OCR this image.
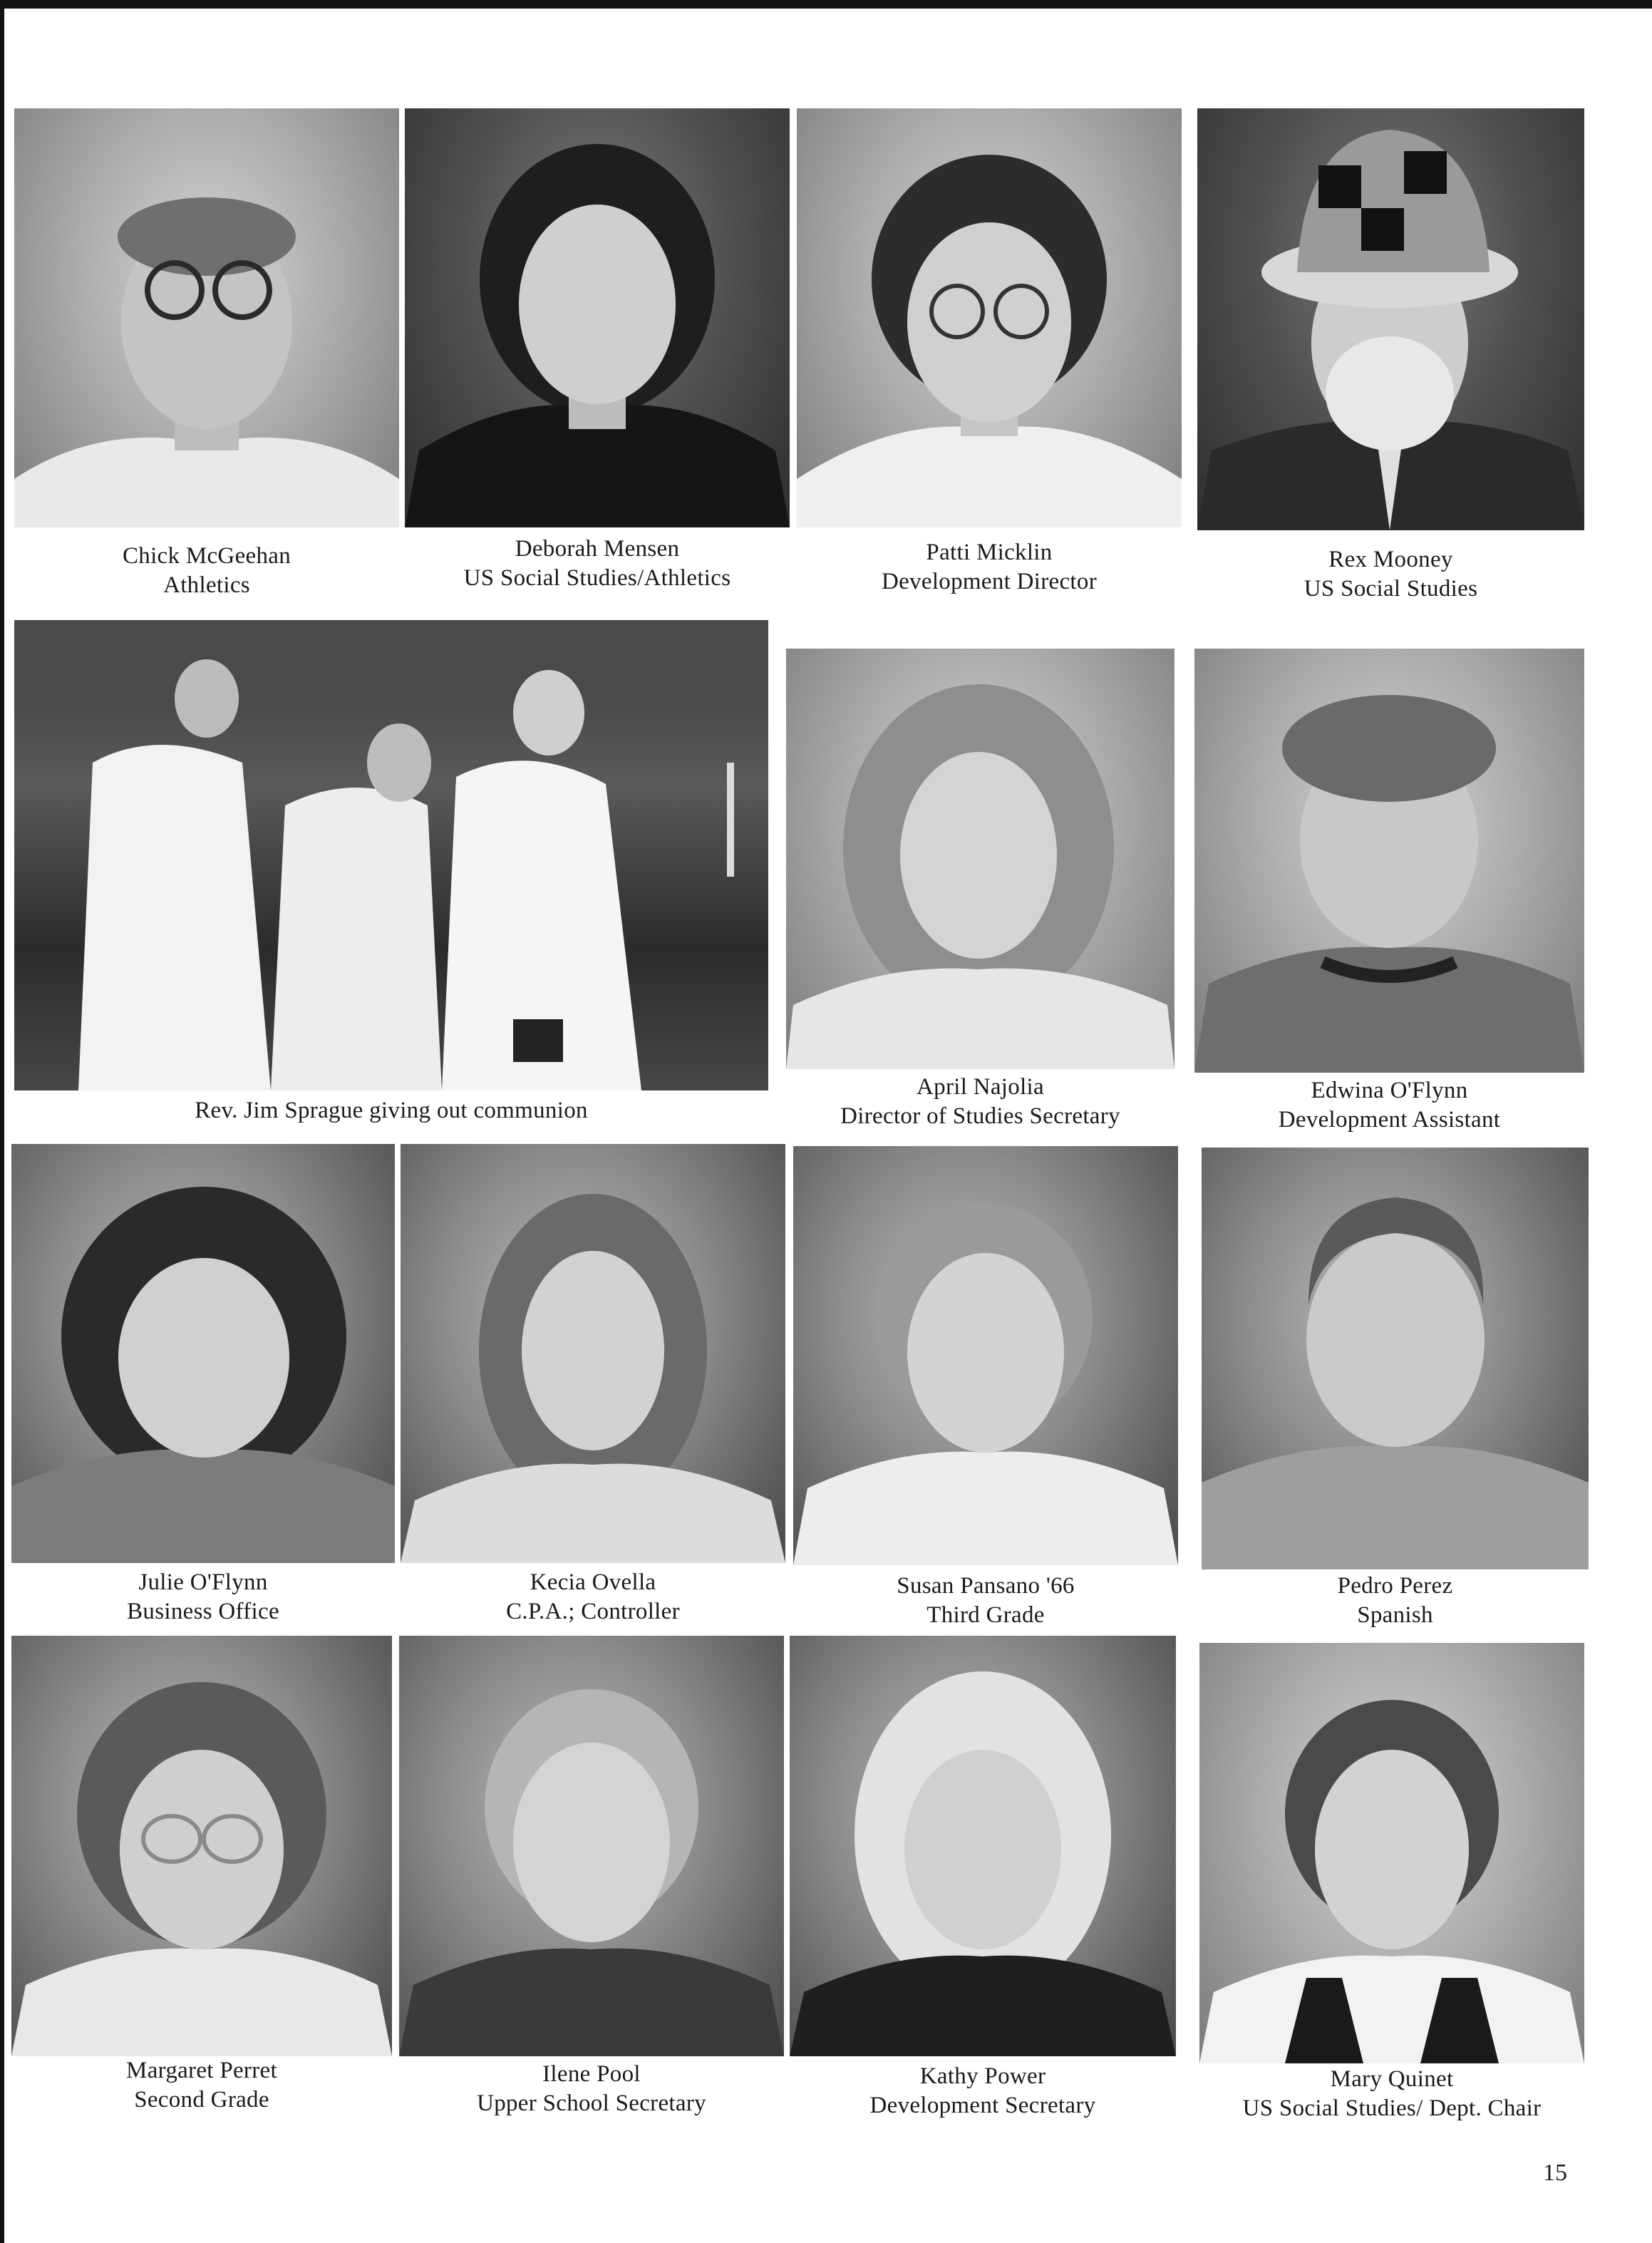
Chick McGeehan
Athletics
Deborah Mensen
US Social Studies/Athletics
Patti Micklin
Development Director
Rex Mooney
US Social Studies
Rev. Jim Sprague giving out communion
April Najolia
Director of Studies Secretary
Edwina O'Flynn
Development Assistant
Julie O'Flynn
Business Office
Kecia Ovella
C.P.A.; Controller
Susan Pansano '66
Third Grade
Pedro Perez
Spanish
Margaret Perret
Second Grade
Ilene Pool
Upper School Secretary
Kathy Power
Development Secretary
Mary Quinet
US Social Studies/ Dept. Chair
15
